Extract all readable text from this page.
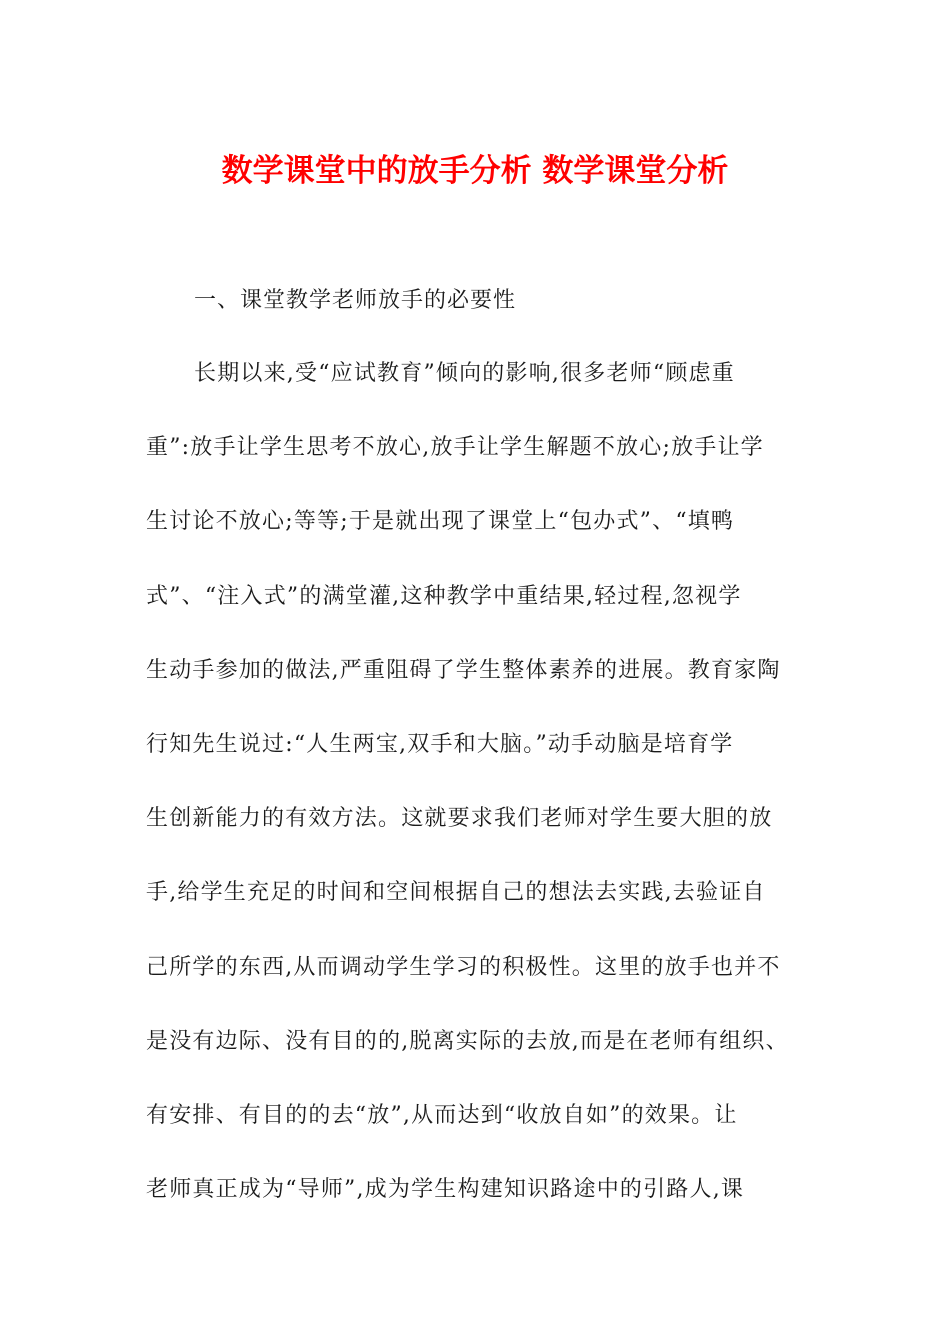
数学课堂中的放手分析 数学课堂分析

一、课堂教学老师放手的必要性

长期以来,受“应试教育”倾向的影响,很多老师“顾虑重
重”:放手让学生思考不放心,放手让学生解题不放心;放手让学
生讨论不放心;等等;于是就出现了课堂上“包办式”、“填鸭
式”、“注入式”的满堂灌,这种教学中重结果,轻过程,忽视学
生动手参加的做法,严重阻碍了学生整体素养的进展。教育家陶
行知先生说过:“人生两宝,双手和大脑。”动手动脑是培育学
生创新能力的有效方法。这就要求我们老师对学生要大胆的放
手,给学生充足的时间和空间根据自己的想法去实践,去验证自
己所学的东西,从而调动学生学习的积极性。这里的放手也并不
是没有边际、没有目的的,脱离实际的去放,而是在老师有组织、
有安排、有目的的去“放”,从而达到“收放自如”的效果。让
老师真正成为“导师”,成为学生构建知识路途中的引路人,课
